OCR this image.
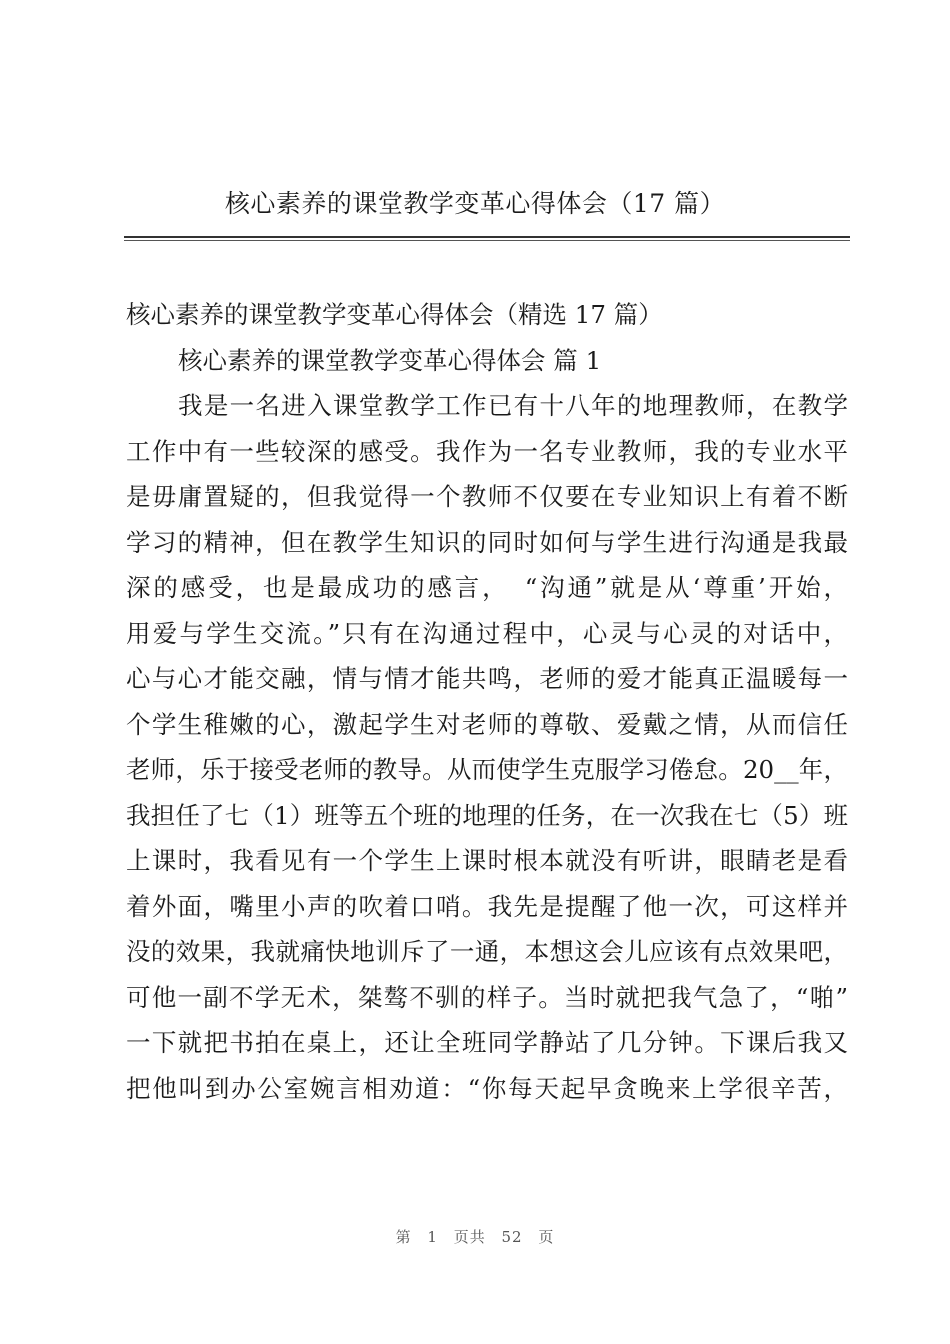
核心素养的课堂教学变革心得体会（17 篇）

核心素养的课堂教学变革心得体会（精选 17 篇）

核心素养的课堂教学变革心得体会 篇 1

我是一名进入课堂教学工作已有十八年的地理教师，在教学
工作中有一些较深的感受。我作为一名专业教师，我的专业水平
是毋庸置疑的，但我觉得一个教师不仅要在专业知识上有着不断
学习的精神，但在教学生知识的同时如何与学生进行沟通是我最
深的感受，也是最成功的感言，　“沟通”就是从‘尊重’开始，
用爱与学生交流。”只有在沟通过程中，心灵与心灵的对话中，
心与心才能交融，情与情才能共鸣，老师的爱才能真正温暖每一
个学生稚嫩的心，激起学生对老师的尊敬、爱戴之情，从而信任
老师，乐于接受老师的教导。从而使学生克服学习倦怠。20__年，
我担任了七（1）班等五个班的地理的任务，在一次我在七（5）班
上课时，我看见有一个学生上课时根本就没有听讲，眼睛老是看
着外面，嘴里小声的吹着口哨。我先是提醒了他一次，可这样并
没的效果，我就痛快地训斥了一通，本想这会儿应该有点效果吧，
可他一副不学无术，桀骜不驯的样子。当时就把我气急了，“啪”
一下就把书拍在桌上，还让全班同学静站了几分钟。下课后我又
把他叫到办公室婉言相劝道：“你每天起早贪晚来上学很辛苦，
第 1 页共 52 页
